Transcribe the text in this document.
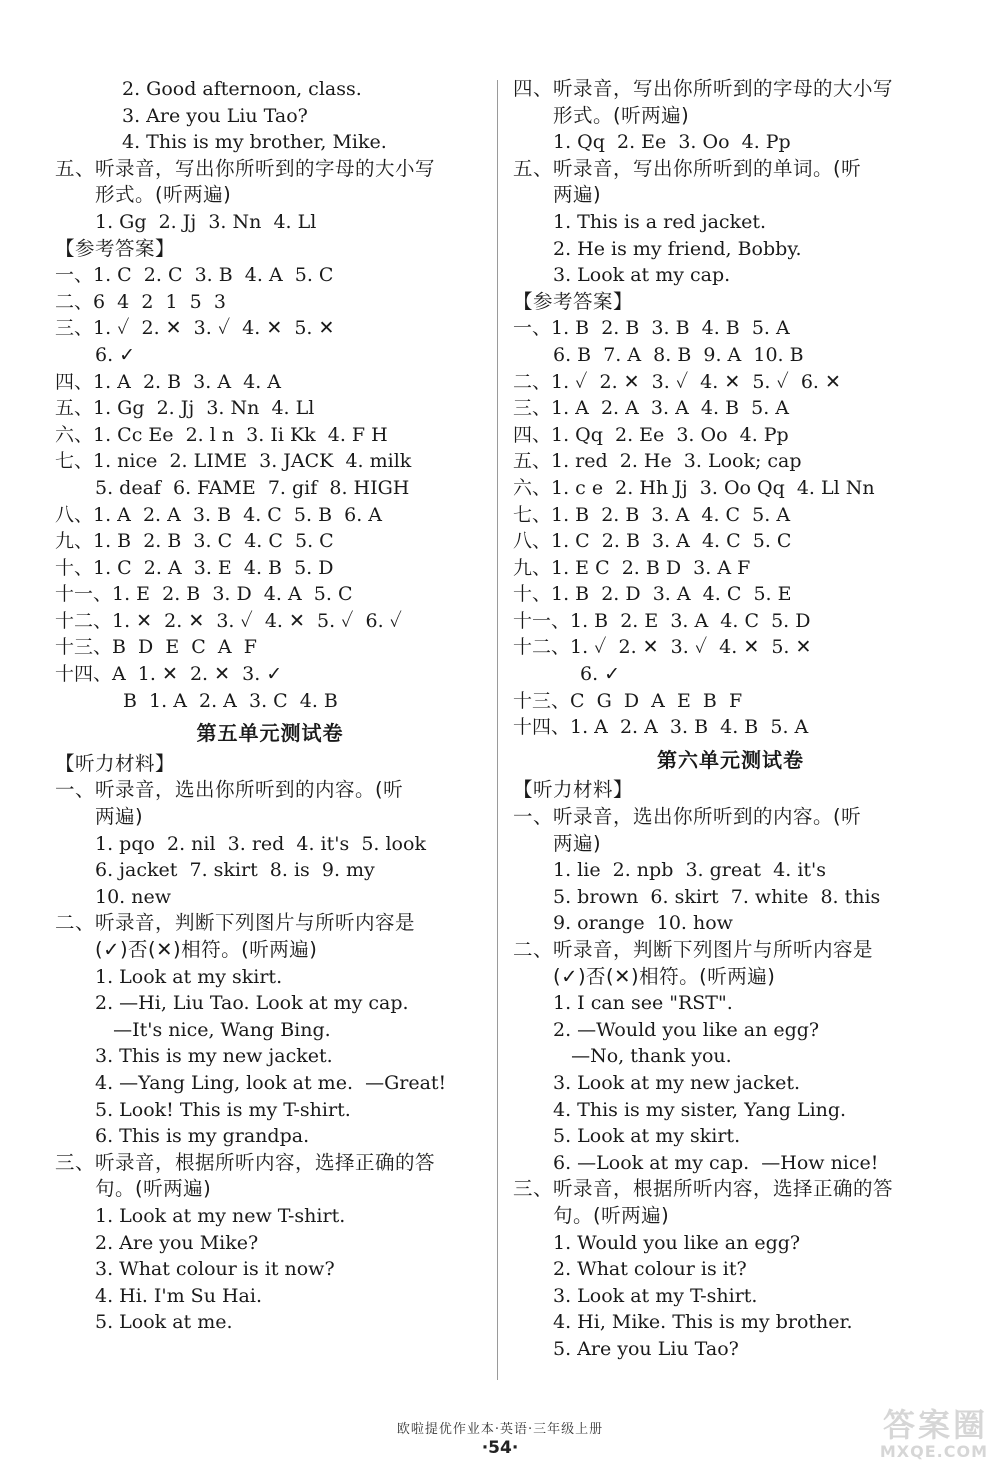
2. Good afternoon, class.
3. Are you Liu Tao?
4. This is my brother, Mike.
五、听录音，写出你所听到的字母的大小写
形式。(听两遍)
1. Gg  2. Jj  3. Nn  4. Ll
【参考答案】
一、1. C  2. C  3. B  4. A  5. C
二、6  4  2  1  5  3
三、1. ✓  2. ✕  3. ✓  4. ✕  5. ✕
6. ✓
四、1. A  2. B  3. A  4. A
五、1. Gg  2. Jj  3. Nn  4. Ll
六、1. Cc Ee  2. l n  3. Ii Kk  4. F H
七、1. nice  2. LIME  3. JACK  4. milk
5. deaf  6. FAME  7. gif  8. HIGH
八、1. A  2. A  3. B  4. C  5. B  6. A
九、1. B  2. B  3. C  4. C  5. C
十、1. C  2. A  3. E  4. B  5. D
十一、1. E  2. B  3. D  4. A  5. C
十二、1. ✕  2. ✕  3. ✓  4. ✕  5. ✓  6. ✓
十三、B  D  E  C  A  F
十四、A  1. ✕  2. ✕  3. ✓
B  1. A  2. A  3. C  4. B
第五单元测试卷
【听力材料】
一、听录音，选出你所听到的内容。(听
两遍)
1. pqo  2. nil  3. red  4. it's  5. look
6. jacket  7. skirt  8. is  9. my
10. new
二、听录音，判断下列图片与所听内容是
(✓)否(✕)相符。(听两遍)
1. Look at my skirt.
2. —Hi, Liu Tao. Look at my cap.
—It's nice, Wang Bing.
3. This is my new jacket.
4. —Yang Ling, look at me.  —Great!
5. Look! This is my T-shirt.
6. This is my grandpa.
三、听录音，根据所听内容，选择正确的答
句。(听两遍)
1. Look at my new T-shirt.
2. Are you Mike?
3. What colour is it now?
4. Hi. I'm Su Hai.
5. Look at me.
四、听录音，写出你所听到的字母的大小写
形式。(听两遍)
1. Qq  2. Ee  3. Oo  4. Pp
五、听录音，写出你所听到的单词。(听
两遍)
1. This is a red jacket.
2. He is my friend, Bobby.
3. Look at my cap.
【参考答案】
一、1. B  2. B  3. B  4. B  5. A
6. B  7. A  8. B  9. A  10. B
二、1. ✓  2. ✕  3. ✓  4. ✕  5. ✓  6. ✕
三、1. A  2. A  3. A  4. B  5. A
四、1. Qq  2. Ee  3. Oo  4. Pp
五、1. red  2. He  3. Look; cap
六、1. c e  2. Hh Jj  3. Oo Qq  4. Ll Nn
七、1. B  2. B  3. A  4. C  5. A
八、1. C  2. B  3. A  4. C  5. C
九、1. E C  2. B D  3. A F
十、1. B  2. D  3. A  4. C  5. E
十一、1. B  2. E  3. A  4. C  5. D
十二、1. ✓  2. ✕  3. ✓  4. ✕  5. ✕
6. ✓
十三、C  G  D  A  E  B  F
十四、1. A  2. A  3. B  4. B  5. A
第六单元测试卷
【听力材料】
一、听录音，选出你所听到的内容。(听
两遍)
1. lie  2. npb  3. great  4. it's
5. brown  6. skirt  7. white  8. this
9. orange  10. how
二、听录音，判断下列图片与所听内容是
(✓)否(✕)相符。(听两遍)
1. I can see "RST".
2. —Would you like an egg?
—No, thank you.
3. Look at my new jacket.
4. This is my sister, Yang Ling.
5. Look at my skirt.
6. —Look at my cap.  —How nice!
三、听录音，根据所听内容，选择正确的答
句。(听两遍)
1. Would you like an egg?
2. What colour is it?
3. Look at my T-shirt.
4. Hi, Mike. This is my brother.
5. Are you Liu Tao?
欧啦提优作业本·英语·三年级上册
·54·
答案圈
MXQE.COM
